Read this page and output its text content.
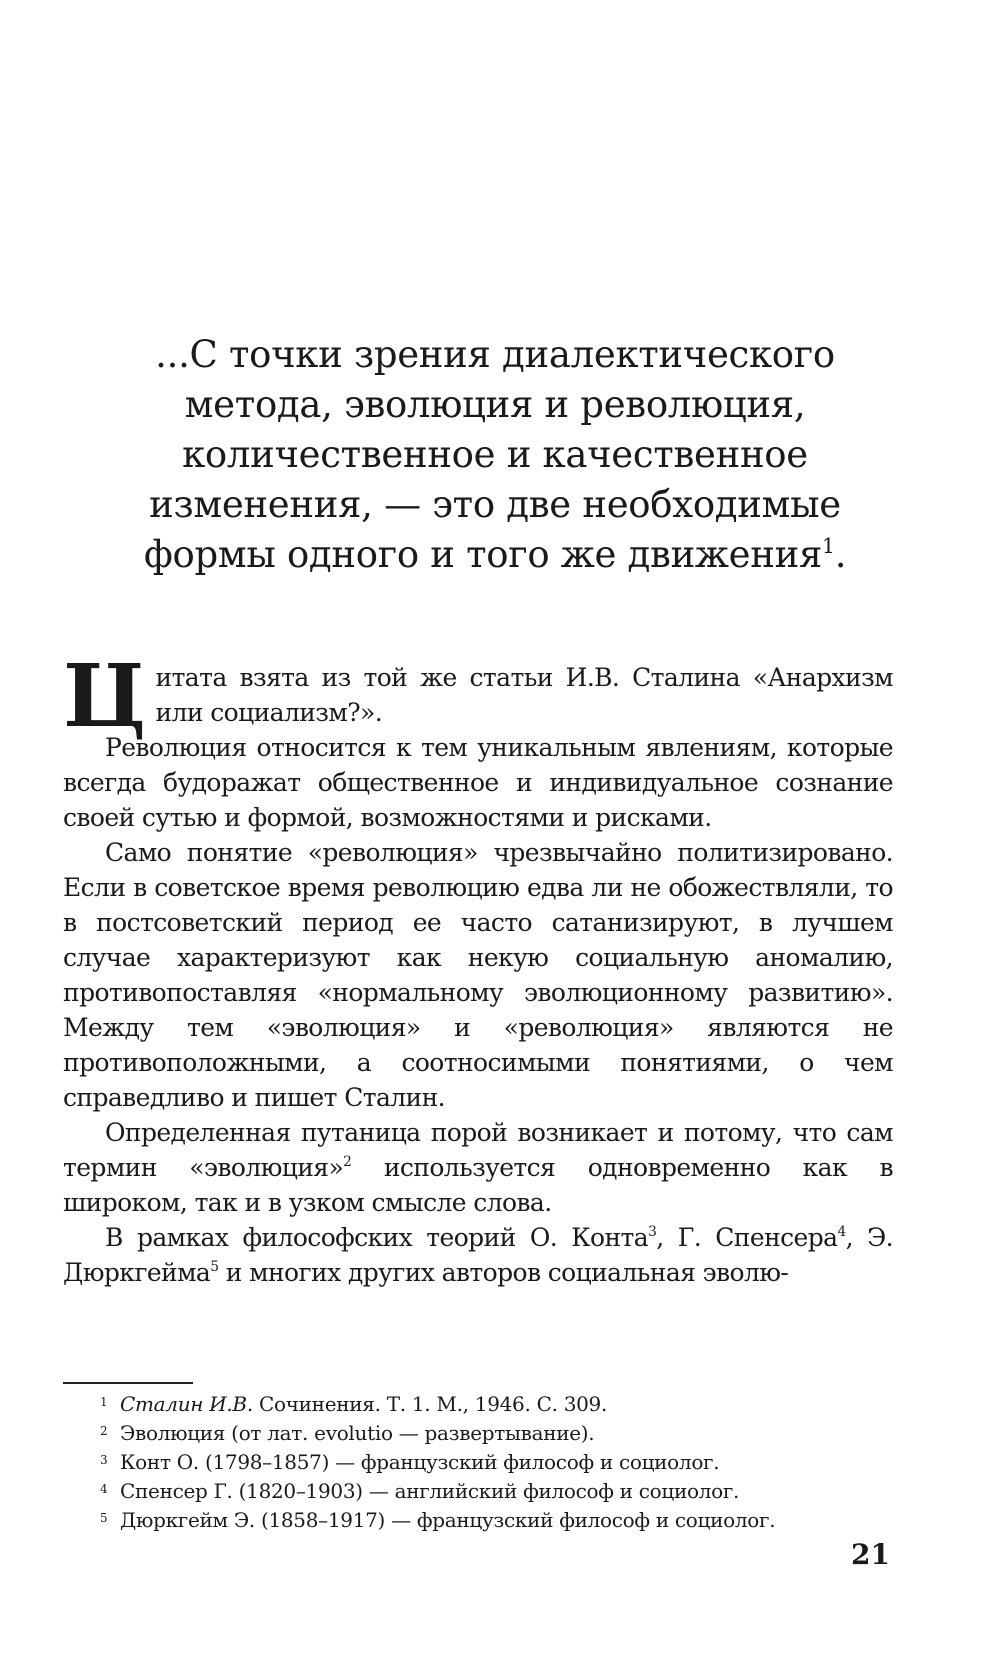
...С точки зрения диалектического
метода, эволюция и революция,
количественное и качественное
изменения, — это две необходимые
формы одного и того же движения$^1$.

Цитата взята из той же статьи И.В. Сталина «Анархизм или социализм?».

Революция относится к тем уникальным явлениям, которые всегда будоражат общественное и индивидуальное сознание своей сутью и формой, возможностями и рисками.

Само понятие «революция» чрезвычайно политизировано. Если в советское время революцию едва ли не обожествляли, то в постсоветский период ее часто сатанизируют, в лучшем случае характеризуют как некую социальную аномалию, противопоставляя «нормальному эволюционному развитию». Между тем «эволюция» и «революция» являются не противоположными, а соотносимыми понятиями, о чем справедливо и пишет Сталин.

Определенная путаница порой возникает и потому, что сам термин «эволюция»$^2$ используется одновременно как в широком, так и в узком смысле слова.

В рамках философских теорий О. Конта$^3$, Г. Спенсера$^4$, Э. Дюркгейма$^5$ и многих других авторов социальная эволю-

1 Сталин И.В. Сочинения. Т. 1. М., 1946. С. 309.
2 Эволюция (от лат. evolutio — развертывание).
3 Конт О. (1798–1857) — французский философ и социолог.
4 Спенсер Г. (1820–1903) — английский философ и социолог.
5 Дюркгейм Э. (1858–1917) — французский философ и социолог.
21
